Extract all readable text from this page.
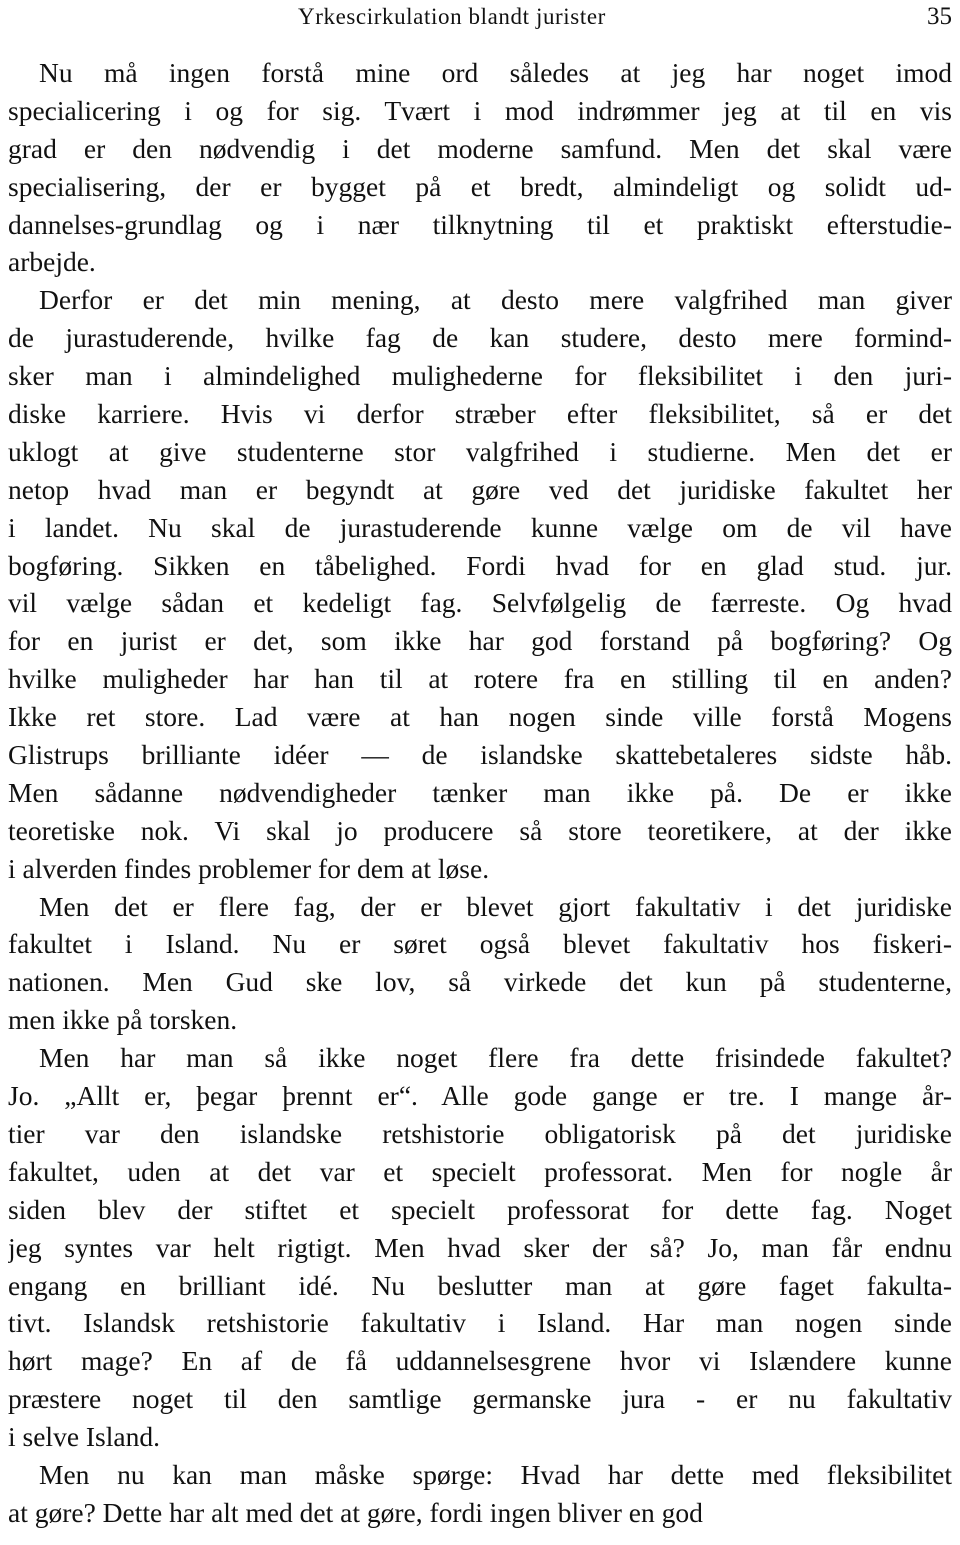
Yrkescirkulation blandt jurister	35
Nu må ingen forstå mine ord således at jeg har noget imod
specialicering i og for sig. Tvært i mod indrømmer jeg at til en vis
grad er den nødvendig i det moderne samfund. Men det skal være
specialisering, der er bygget på et bredt, almindeligt og solidt ud-
dannelses-grundlag og i nær tilknytning til et praktiskt efterstudie-
arbejde.
Derfor er det min mening, at desto mere valgfrihed man giver
de jurastuderende, hvilke fag de kan studere, desto mere formind-
sker man i almindelighed mulighederne for fleksibilitet i den juri-
diske karriere. Hvis vi derfor stræber efter fleksibilitet, så er det
uklogt at give studenterne stor valgfrihed i studierne. Men det er
netop hvad man er begyndt at gøre ved det juridiske fakultet her
i landet. Nu skal de jurastuderende kunne vælge om de vil have
bogføring. Sikken en tåbelighed. Fordi hvad for en glad stud. jur.
vil vælge sådan et kedeligt fag. Selvfølgelig de færreste. Og hvad
for en jurist er det, som ikke har god forstand på bogføring? Og
hvilke muligheder har han til at rotere fra en stilling til en anden?
Ikke ret store. Lad være at han nogen sinde ville forstå Mogens
Glistrups brilliante idéer — de islandske skattebetaleres sidste håb.
Men sådanne nødvendigheder tænker man ikke på. De er ikke
teoretiske nok. Vi skal jo producere så store teoretikere, at der ikke
i alverden findes problemer for dem at løse.
Men det er flere fag, der er blevet gjort fakultativ i det juridiske
fakultet i Island. Nu er søret også blevet fakultativ hos fiskeri-
nationen. Men Gud ske lov, så virkede det kun på studenterne,
men ikke på torsken.
Men har man så ikke noget flere fra dette frisindede fakultet?
Jo. „Allt er, þegar þrennt er“. Alle gode gange er tre. I mange år-
tier var den islandske retshistorie obligatorisk på det juridiske
fakultet, uden at det var et specielt professorat. Men for nogle år
siden blev der stiftet et specielt professorat for dette fag. Noget
jeg syntes var helt rigtigt. Men hvad sker der så? Jo, man får endnu
engang en brilliant idé. Nu beslutter man at gøre faget fakulta-
tivt. Islandsk retshistorie fakultativ i Island. Har man nogen sinde
hørt mage? En af de få uddannelsesgrene hvor vi Islændere kunne
præstere noget til den samtlige germanske jura - er nu fakultativ
i selve Island.
Men nu kan man måske spørge: Hvad har dette med fleksibilitet
at gøre? Dette har alt med det at gøre, fordi ingen bliver en god
